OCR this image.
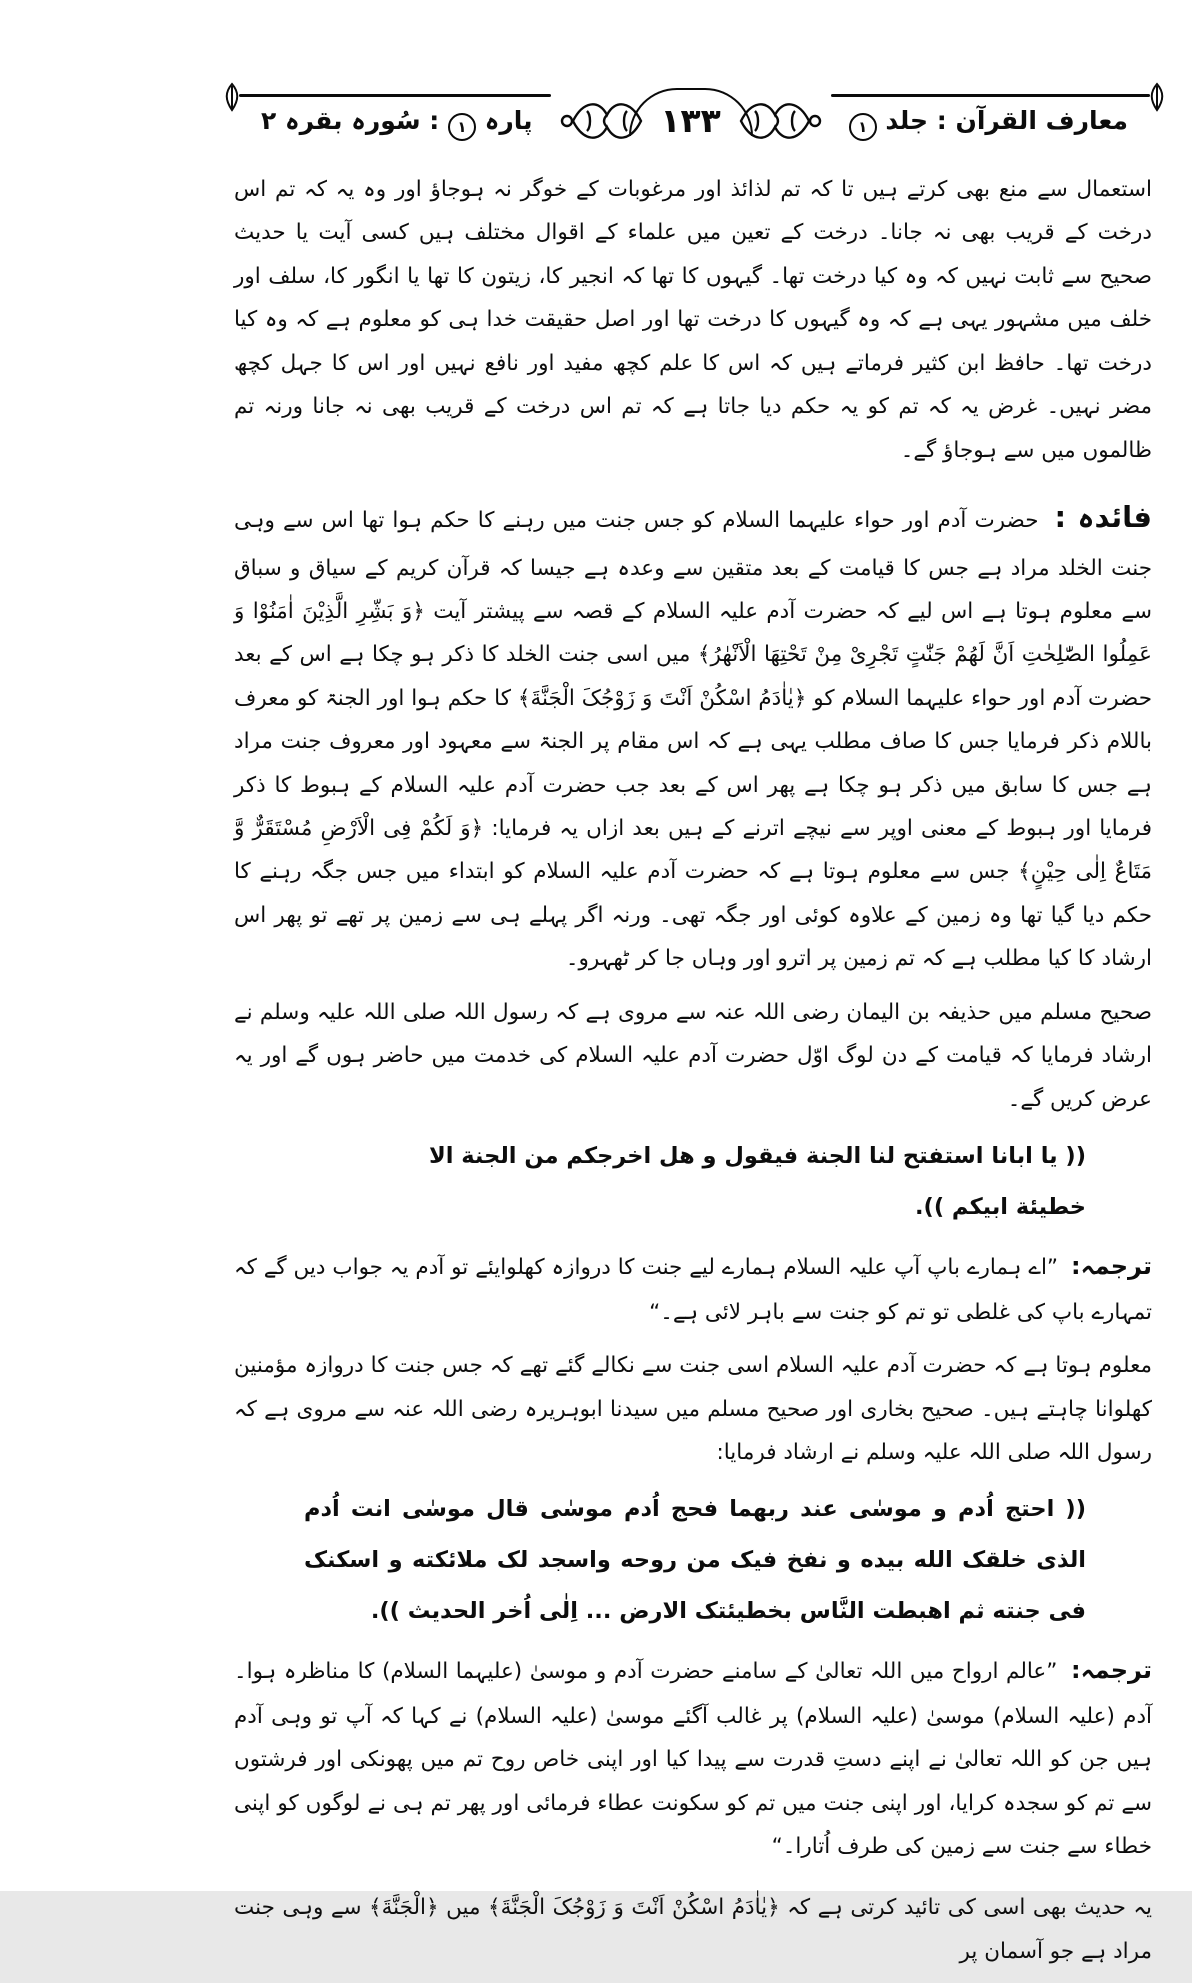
معارف القرآن : جلد ۱
۱۳۳
پارہ ۱ : سُورہ بقرہ ۲

استعمال سے منع بھی کرتے ہیں تا کہ تم لذائذ اور مرغوبات کے خوگر نہ ہوجاؤ اور وہ یہ کہ تم اس درخت کے قریب بھی نہ جانا۔ درخت کے تعین میں علماء کے اقوال مختلف ہیں کسی آیت یا حدیث صحیح سے ثابت نہیں کہ وہ کیا درخت تھا۔ گیہوں کا تھا کہ انجیر کا، زیتون کا تھا یا انگور کا، سلف اور خلف میں مشہور یہی ہے کہ وہ گیہوں کا درخت تھا اور اصل حقیقت خدا ہی کو معلوم ہے کہ وہ کیا درخت تھا۔ حافظ ابن کثیر فرماتے ہیں کہ اس کا علم کچھ مفید اور نافع نہیں اور اس کا جہل کچھ مضر نہیں۔ غرض یہ کہ تم کو یہ حکم دیا جاتا ہے کہ تم اس درخت کے قریب بھی نہ جانا ورنہ تم ظالموں میں سے ہوجاؤ گے۔

فائدہ : حضرت آدم اور حواء علیہما السلام کو جس جنت میں رہنے کا حکم ہوا تھا اس سے وہی جنت الخلد مراد ہے جس کا قیامت کے بعد متقین سے وعدہ ہے جیسا کہ قرآن کریم کے سیاق و سباق سے معلوم ہوتا ہے اس لیے کہ حضرت آدم علیہ السلام کے قصہ سے پیشتر آیت ﴿وَ بَشِّرِ الَّذِیْنَ اٰمَنُوْا وَ عَمِلُوا الصّٰلِحٰتِ اَنَّ لَھُمْ جَنّٰتٍ تَجْرِیْ مِنْ تَحْتِھَا الْاَنْھٰرُ﴾ میں اسی جنت الخلد کا ذکر ہو چکا ہے اس کے بعد حضرت آدم اور حواء علیہما السلام کو ﴿یٰاٰدَمُ اسْکُنْ اَنْتَ وَ زَوْجُکَ الْجَنَّةَ﴾ کا حکم ہوا اور الجنۃ کو معرف باللام ذکر فرمایا جس کا صاف مطلب یہی ہے کہ اس مقام پر الجنۃ سے معہود اور معروف جنت مراد ہے جس کا سابق میں ذکر ہو چکا ہے پھر اس کے بعد جب حضرت آدم علیہ السلام کے ہبوط کا ذکر فرمایا اور ہبوط کے معنی اوپر سے نیچے اترنے کے ہیں بعد ازاں یہ فرمایا: ﴿وَ لَکُمْ فِی الْاَرْضِ مُسْتَقَرٌّ وَّ مَتَاعٌ اِلٰی حِیْنٍ﴾ جس سے معلوم ہوتا ہے کہ حضرت آدم علیہ السلام کو ابتداء میں جس جگہ رہنے کا حکم دیا گیا تھا وہ زمین کے علاوہ کوئی اور جگہ تھی۔ ورنہ اگر پہلے ہی سے زمین پر تھے تو پھر اس ارشاد کا کیا مطلب ہے کہ تم زمین پر اترو اور وہاں جا کر ٹھہرو۔

صحیح مسلم میں حذیفہ بن الیمان رضی اللہ عنہ سے مروی ہے کہ رسول اللہ صلی اللہ علیہ وسلم نے ارشاد فرمایا کہ قیامت کے دن لوگ اوّل حضرت آدم علیہ السلام کی خدمت میں حاضر ہوں گے اور یہ عرض کریں گے۔

(( یا ابانا استفتح لنا الجنة فیقول و هل اخرجکم من الجنة الا خطیئة ابیکم )).

ترجمہ: ”اے ہمارے باپ آپ علیہ السلام ہمارے لیے جنت کا دروازہ کھلوایئے تو آدم یہ جواب دیں گے کہ تمہارے باپ کی غلطی تو تم کو جنت سے باہر لائی ہے۔“

معلوم ہوتا ہے کہ حضرت آدم علیہ السلام اسی جنت سے نکالے گئے تھے کہ جس جنت کا دروازہ مؤمنین کھلوانا چاہتے ہیں۔ صحیح بخاری اور صحیح مسلم میں سیدنا ابوہریرہ رضی اللہ عنہ سے مروی ہے کہ رسول اللہ صلی اللہ علیہ وسلم نے ارشاد فرمایا:

(( احتج اُدم و موسٰی عند ربهما فحج اُدم موسٰی قال موسٰی انت اُدم الذی خلقک الله بیده و نفخ فیک من روحه واسجد لک ملائکته و اسکنک فی جنته ثم اهبطت النَّاس بخطیئتک الارض ... اِلٰی اُخر الحدیث )).

ترجمہ: ”عالم ارواح میں اللہ تعالیٰ کے سامنے حضرت آدم و موسیٰ (علیہما السلام) کا مناظرہ ہوا۔ آدم (علیہ السلام) موسیٰ (علیہ السلام) پر غالب آگئے موسیٰ (علیہ السلام) نے کہا کہ آپ تو وہی آدم ہیں جن کو اللہ تعالیٰ نے اپنے دستِ قدرت سے پیدا کیا اور اپنی خاص روح تم میں پھونکی اور فرشتوں سے تم کو سجدہ کرایا، اور اپنی جنت میں تم کو سکونت عطاء فرمائی اور پھر تم ہی نے لوگوں کو اپنی خطاء سے جنت سے زمین کی طرف اُتارا۔“

یہ حدیث بھی اسی کی تائید کرتی ہے کہ ﴿یٰاٰدَمُ اسْکُنْ اَنْتَ وَ زَوْجُکَ الْجَنَّةَ﴾ میں ﴿الْجَنَّةَ﴾ سے وہی جنت مراد ہے جو آسمان پر
